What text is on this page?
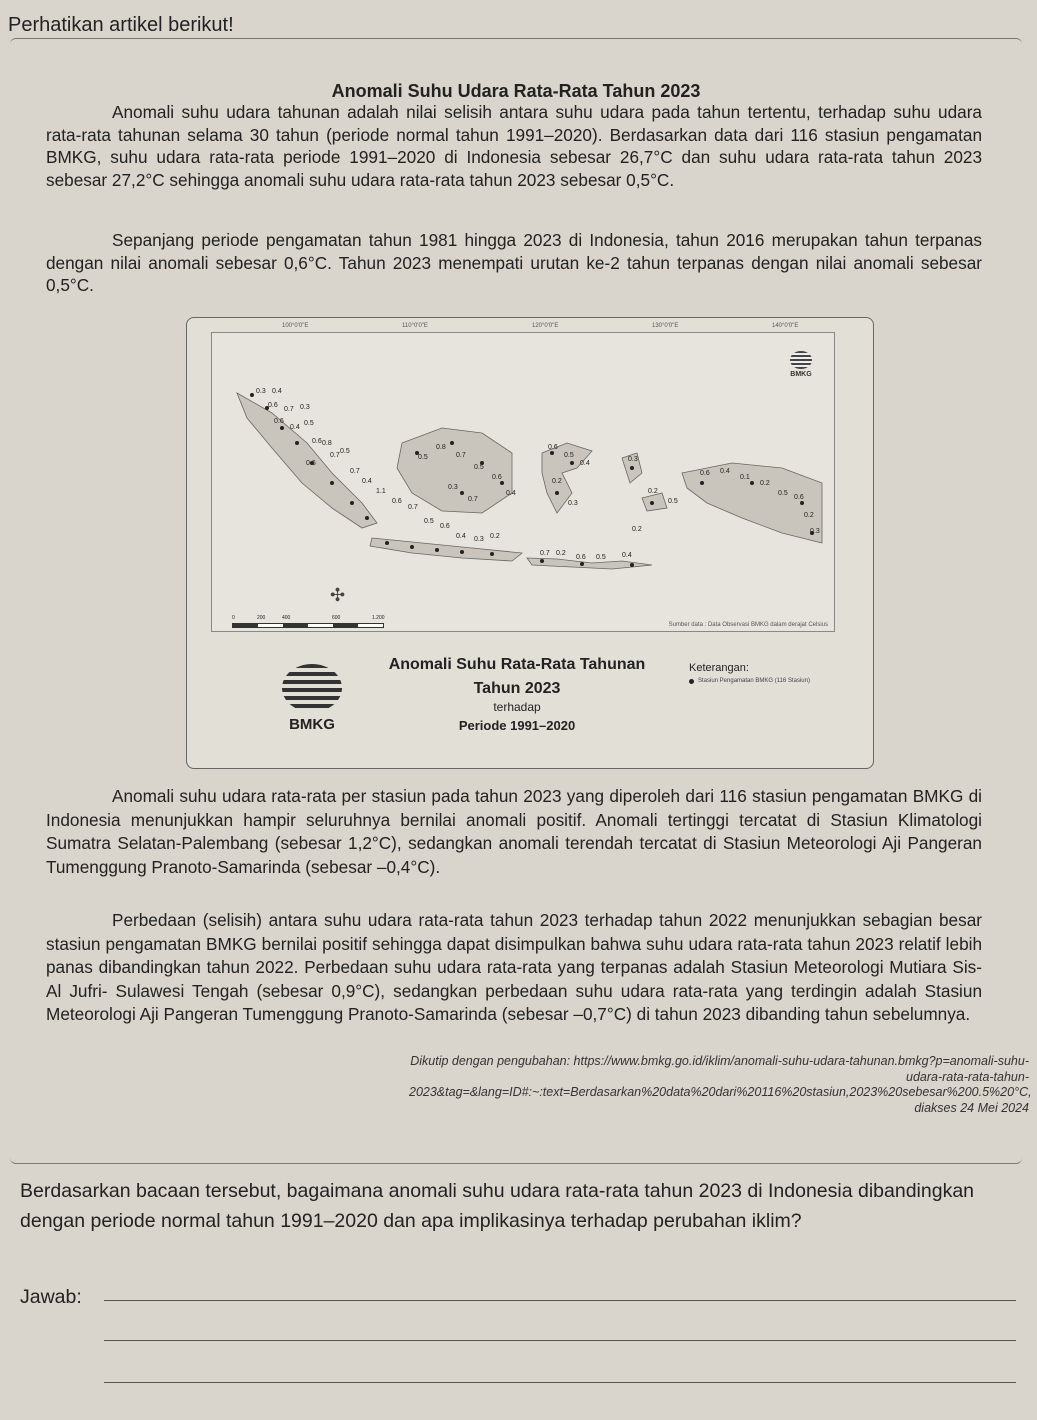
Perhatikan artikel berikut!
Anomali Suhu Udara Rata-Rata Tahun 2023
Anomali suhu udara tahunan adalah nilai selisih antara suhu udara pada tahun tertentu, terhadap suhu udara rata-rata tahunan selama 30 tahun (periode normal tahun 1991–2020). Berdasarkan data dari 116 stasiun pengamatan BMKG, suhu udara rata-rata periode 1991–2020 di Indonesia sebesar 26,7°C dan suhu udara rata-rata tahun 2023 sebesar 27,2°C sehingga anomali suhu udara rata-rata tahun 2023 sebesar 0,5°C.
Sepanjang periode pengamatan tahun 1981 hingga 2023 di Indonesia, tahun 2016 merupakan tahun terpanas dengan nilai anomali sebesar 0,6°C. Tahun 2023 menempati urutan ke-2 tahun terpanas dengan nilai anomali sebesar 0,5°C.
100°0'0"E	110°0'0"E	120°0'0"E	130°0'0"E	140°0'0"E
0.3 0.4
0.6
0.7 0.3
0.6
0.4
0.5
0.6 0.8
0.7
0.5
0.6
0.7
0.4
1.1
0.6
0.7
0.5
0.6
0.4 0.3 0.2
0.5
0.8
0.7
0.5
0.6
0.3
0.7
0.4
0.6
0.5
0.4
0.2
0.3
0.7 0.2
0.6 0.5 0.4
0.3
0.2
0.5
0.6 0.4
0.1
0.2
0.5
0.6
0.2
0.3
0.2
BMKG
✣
0	200	400	600	1.200
Sumber data : Data Observasi BMKG dalam derajat Celsius
BMKG
Anomali Suhu Rata-Rata Tahunan
Tahun 2023
terhadap
Periode 1991–2020
Keterangan:
Stasiun Pengamatan BMKG (116 Stasiun)
Anomali suhu udara rata-rata per stasiun pada tahun 2023 yang diperoleh dari 116 stasiun pengamatan BMKG di Indonesia menunjukkan hampir seluruhnya bernilai anomali positif. Anomali tertinggi tercatat di Stasiun Klimatologi Sumatra Selatan-Palembang (sebesar 1,2°C), sedangkan anomali terendah tercatat di Stasiun Meteorologi Aji Pangeran Tumenggung Pranoto-Samarinda (sebesar –0,4°C).
Perbedaan (selisih) antara suhu udara rata-rata tahun 2023 terhadap tahun 2022 menunjukkan sebagian besar stasiun pengamatan BMKG bernilai positif sehingga dapat disimpulkan bahwa suhu udara rata-rata tahun 2023 relatif lebih panas dibandingkan tahun 2022. Perbedaan suhu udara rata-rata yang terpanas adalah Stasiun Meteorologi Mutiara Sis-Al Jufri- Sulawesi Tengah (sebesar 0,9°C), sedangkan perbedaan suhu udara rata-rata yang terdingin adalah Stasiun Meteorologi Aji Pangeran Tumenggung Pranoto-Samarinda (sebesar –0,7°C) di tahun 2023 dibanding tahun sebelumnya.
Dikutip dengan pengubahan: https://www.bmkg.go.id/iklim/anomali-suhu-udara-tahunan.bmkg?p=anomali-suhu-udara-rata-rata-tahun-2023&tag=&lang=ID#:~:text=Berdasarkan%20data%20dari%20116%20stasiun,2023%20sebesar%200.5%20°C, diakses 24 Mei 2024
Berdasarkan bacaan tersebut, bagaimana anomali suhu udara rata-rata tahun 2023 di Indonesia dibandingkan dengan periode normal tahun 1991–2020 dan apa implikasinya terhadap perubahan iklim?
Jawab:
